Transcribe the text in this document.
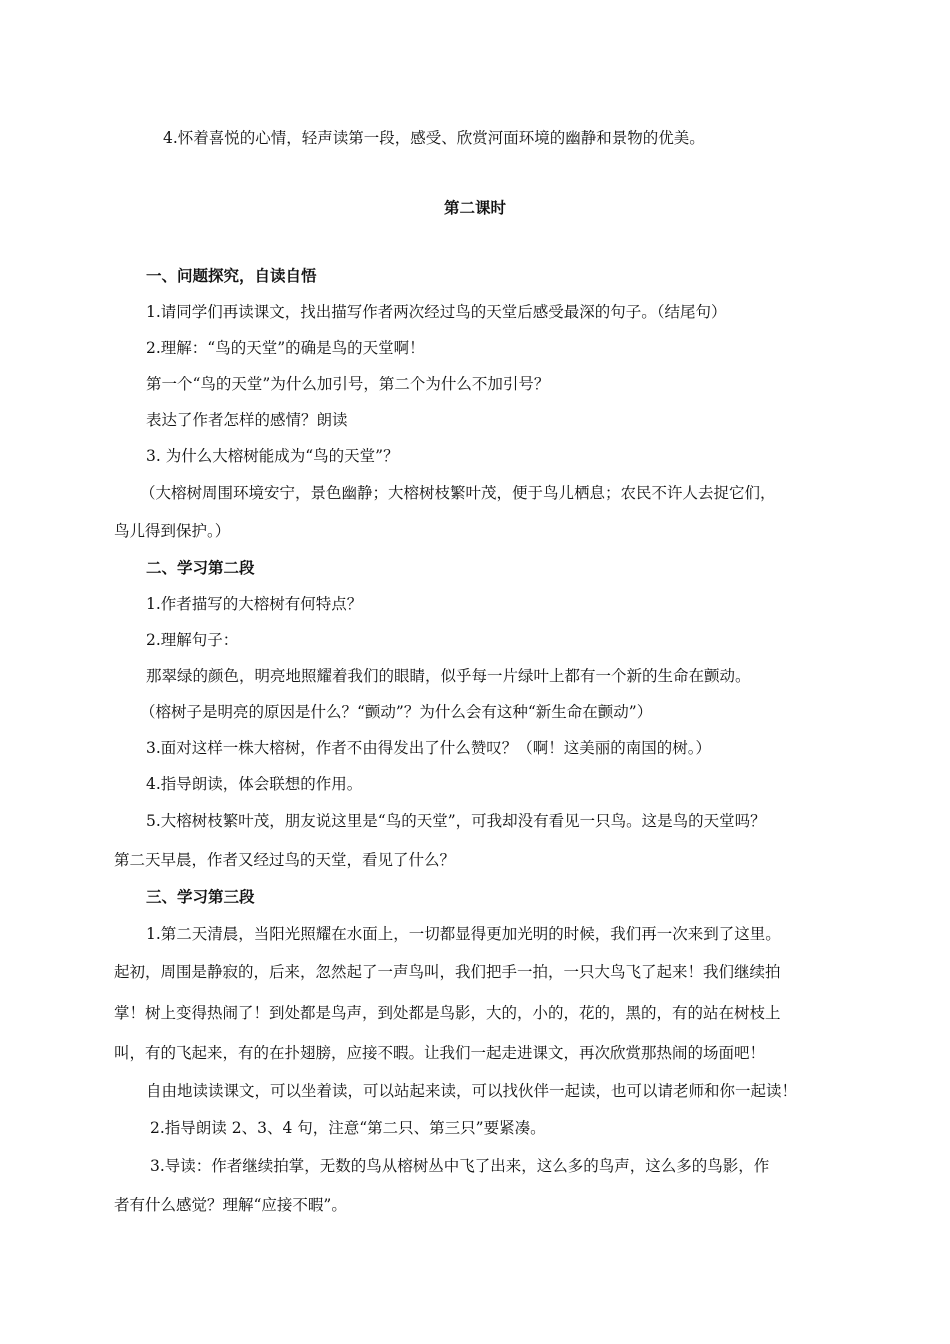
4.怀着喜悦的心情，轻声读第一段，感受、欣赏河面环境的幽静和景物的优美。
第二课时
一、问题探究，自读自悟
1.请同学们再读课文，找出描写作者两次经过鸟的天堂后感受最深的句子。（结尾句）
2.理解：“鸟的天堂”的确是鸟的天堂啊！
第一个“鸟的天堂”为什么加引号，第二个为什么不加引号？
表达了作者怎样的感情？朗读
3. 为什么大榕树能成为“鸟的天堂”？
（大榕树周围环境安宁，景色幽静；大榕树枝繁叶茂，便于鸟儿栖息；农民不许人去捉它们，
鸟儿得到保护。）
二、学习第二段
1.作者描写的大榕树有何特点？
2.理解句子：
那翠绿的颜色，明亮地照耀着我们的眼睛，似乎每一片绿叶上都有一个新的生命在颤动。
（榕树子是明亮的原因是什么？“颤动”？为什么会有这种“新生命在颤动”）
3.面对这样一株大榕树，作者不由得发出了什么赞叹？（啊！这美丽的南国的树。）
4.指导朗读，体会联想的作用。
5.大榕树枝繁叶茂，朋友说这里是“鸟的天堂”，可我却没有看见一只鸟。这是鸟的天堂吗？
第二天早晨，作者又经过鸟的天堂，看见了什么？
三、学习第三段
1.第二天清晨，当阳光照耀在水面上，一切都显得更加光明的时候，我们再一次来到了这里。
起初，周围是静寂的，后来，忽然起了一声鸟叫，我们把手一拍，一只大鸟飞了起来！我们继续拍
掌！树上变得热闹了！到处都是鸟声，到处都是鸟影，大的，小的，花的，黑的，有的站在树枝上
叫，有的飞起来，有的在扑翅膀，应接不暇。让我们一起走进课文，再次欣赏那热闹的场面吧！
自由地读读课文，可以坐着读，可以站起来读，可以找伙伴一起读，也可以请老师和你一起读！
2.指导朗读 2、3、4 句，注意“第二只、第三只”要紧凑。
3.导读：作者继续拍掌，无数的鸟从榕树丛中飞了出来，这么多的鸟声，这么多的鸟影，作
者有什么感觉？理解“应接不暇”。
